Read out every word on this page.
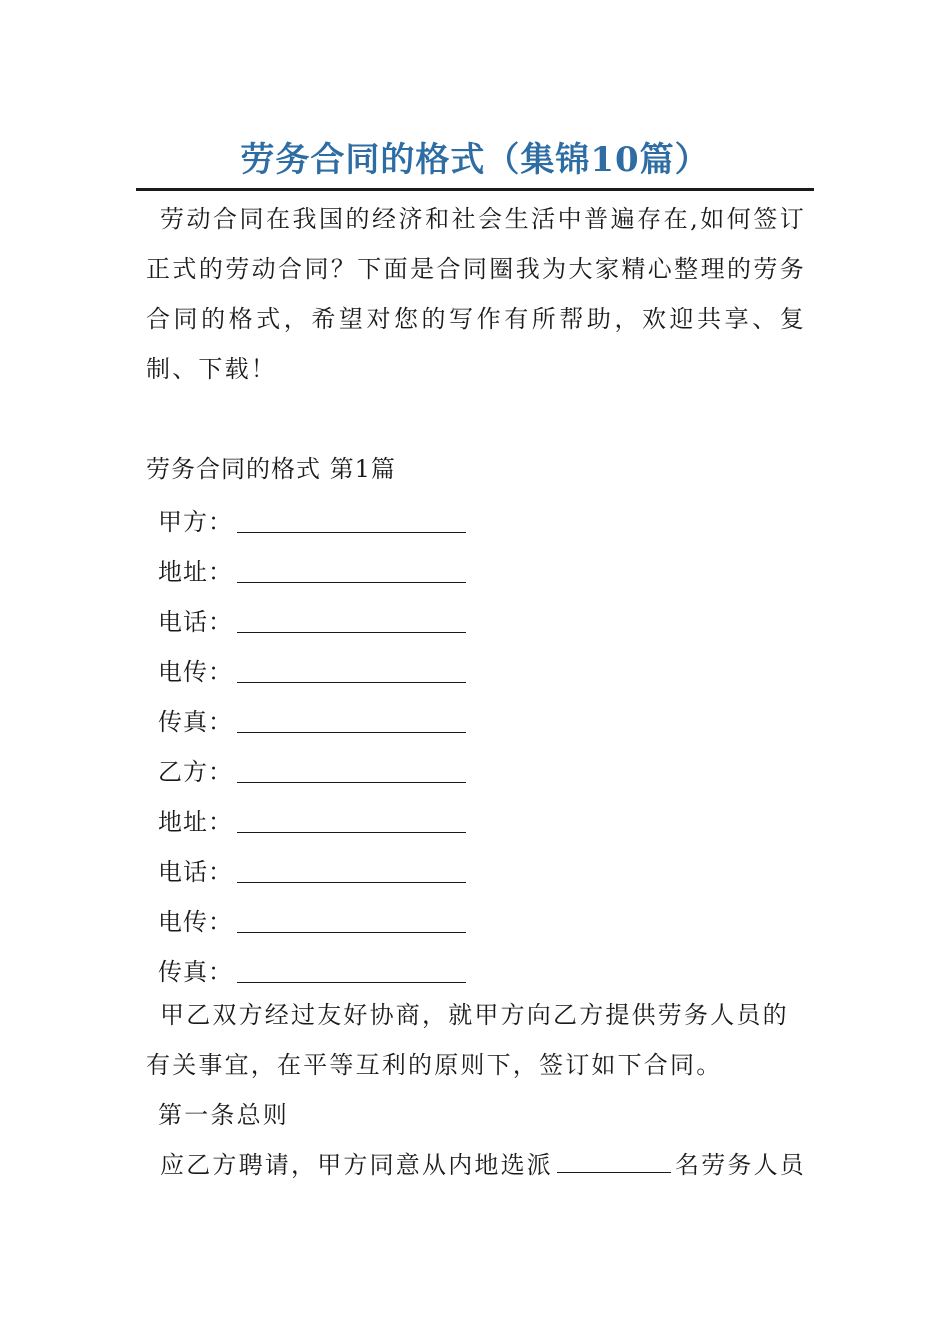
劳务合同的格式（集锦10篇）

劳动合同在我国的经济和社会生活中普遍存在,如何签订正式的劳动合同？下面是合同圈我为大家精心整理的劳务合同的格式，希望对您的写作有所帮助，欢迎共享、复制、下载！

劳务合同的格式 第1篇
甲方：
地址：
电话：
电传：
传真：
乙方：
地址：
电话：
电传：
传真：

甲乙双方经过友好协商，就甲方向乙方提供劳务人员的有关事宜，在平等互利的原则下，签订如下合同。

第一条总则

应乙方聘请，甲方同意从内地选派	名劳务人员
